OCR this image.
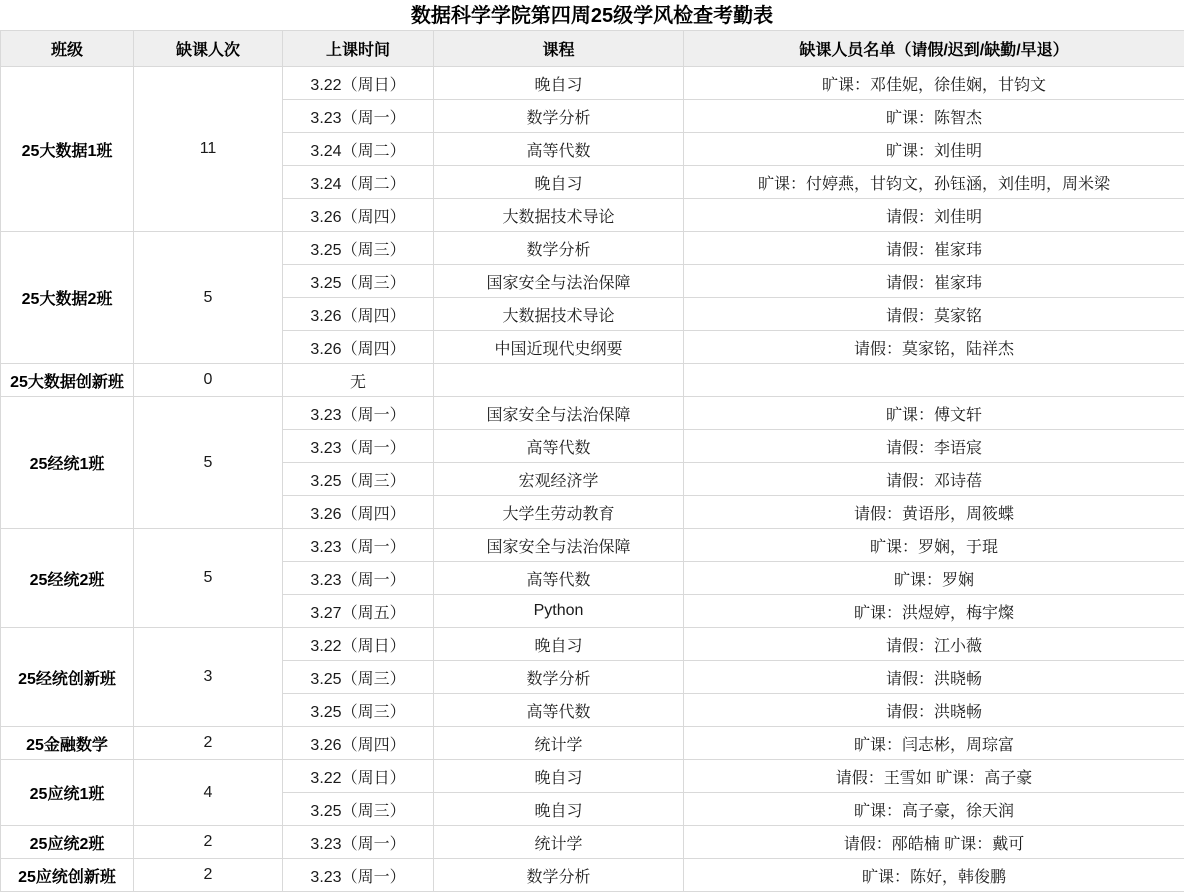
数据科学学院第四周25级学风检查考勤表
班级	缺课人次	上课时间	课程	缺课人员名单（请假/迟到/缺勤/早退）
25大数据1班	11	3.22（周日）	晚自习	旷课：邓佳妮，徐佳娴，甘钧文
		3.23（周一）	数学分析	旷课：陈智杰
		3.24（周二）	高等代数	旷课：刘佳明
		3.24（周二）	晚自习	旷课：付婷燕，甘钧文，孙钰涵，刘佳明，周米梁
		3.26（周四）	大数据技术导论	请假：刘佳明
25大数据2班	5	3.25（周三）	数学分析	请假：崔家玮
		3.25（周三）	国家安全与法治保障	请假：崔家玮
		3.26（周四）	大数据技术导论	请假：莫家铭
		3.26（周四）	中国近现代史纲要	请假：莫家铭，陆祥杰
25大数据创新班	0	无		
25经统1班	5	3.23（周一）	国家安全与法治保障	旷课：傅文轩
		3.23（周一）	高等代数	请假：李语宸
		3.25（周三）	宏观经济学	请假：邓诗蓓
		3.26（周四）	大学生劳动教育	请假：黄语彤，周筱蝶
25经统2班	5	3.23（周一）	国家安全与法治保障	旷课：罗娴，于琨
		3.23（周一）	高等代数	旷课：罗娴
		3.27（周五）	Python	旷课：洪煜婷，梅宇燦
25经统创新班	3	3.22（周日）	晚自习	请假：江小薇
		3.25（周三）	数学分析	请假：洪晓畅
		3.25（周三）	高等代数	请假：洪晓畅
25金融数学	2	3.26（周四）	统计学	旷课：闫志彬，周琮富
25应统1班	4	3.22（周日）	晚自习	请假：王雪如 旷课：高子豪
		3.25（周三）	晚自习	旷课：高子豪，徐天润
25应统2班	2	3.23（周一）	统计学	请假：邴皓楠 旷课：戴可
25应统创新班	2	3.23（周一）	数学分析	旷课：陈好，韩俊鹏
